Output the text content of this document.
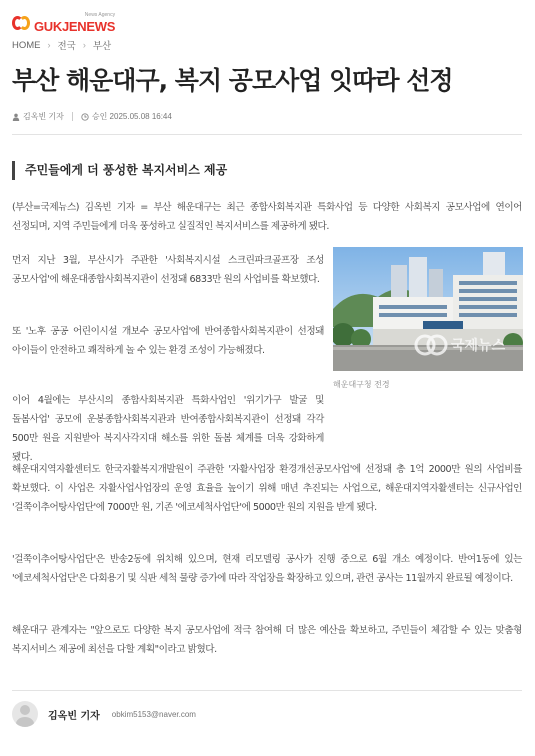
GUKJENEWS
News Agency
HOME › 전국 › 부산
부산 해운대구, 복지 공모사업 잇따라 선정
김옥빈 기자	승인 2025.05.08 16:44
주민들에게 더 풍성한 복지서비스 제공

(부산=국제뉴스) 김옥빈 기자 = 부산 해운대구는 최근 종합사회복지관 특화사업 등 다양한 사회복지 공모사업에 연이어 선정되며, 지역 주민들에게 더욱 풍성하고 실질적인 복지서비스를 제공하게 됐다.

먼저 지난 3월, 부산시가 주관한 '사회복지시설 스크린파크골프장 조성 공모사업'에 해운대종합사회복지관이 선정돼 6833만 원의 사업비를 확보했다.

또 '노후 공공 어린이시설 개보수 공모사업'에 반여종합사회복지관이 선정돼 아이들이 안전하고 쾌적하게 놀 수 있는 환경 조성이 가능해졌다.

이어 4월에는 부산시의 종합사회복지관 특화사업인 '위기가구 발굴 및 돌봄사업' 공모에 운봉종합사회복지관과 반여종합사회복지관이 선정돼 각각 500만 원을 지원받아 복지사각지대 해소를 위한 돌봄 체계를 더욱 강화하게 됐다.

해운대지역자활센터도 한국자활복지개발원이 주관한 '자활사업장 환경개선공모사업'에 선정돼 총 1억 2000만 원의 사업비를 확보했다. 이 사업은 자활사업사업장의 운영 효율을 높이기 위해 매년 추진되는 사업으로, 해운대지역자활센터는 신규사업인 '걸쭉이추어탕사업단'에 7000만 원, 기존 '에코세척사업단'에 5000만 원의 지원을 받게 됐다.

'걸쭉이추어탕사업단'은 반송2동에 위치해 있으며, 현재 리모델링 공사가 진행 중으로 6월 개소 예정이다. 반여1동에 있는 '에코세척사업단'은 다회용기 및 식판 세척 물량 증가에 따라 작업장을 확장하고 있으며, 관련 공사는 11월까지 완료될 예정이다.

해운대구 관계자는 "앞으로도 다양한 복지 공모사업에 적극 참여해 더 많은 예산을 확보하고, 주민들이 체감할 수 있는 맞춤형 복지서비스 제공에 최선을 다할 계획"이라고 밝혔다.

국제뉴스
해운대구청 전경
김옥빈 기자 obkim5153@naver.com
